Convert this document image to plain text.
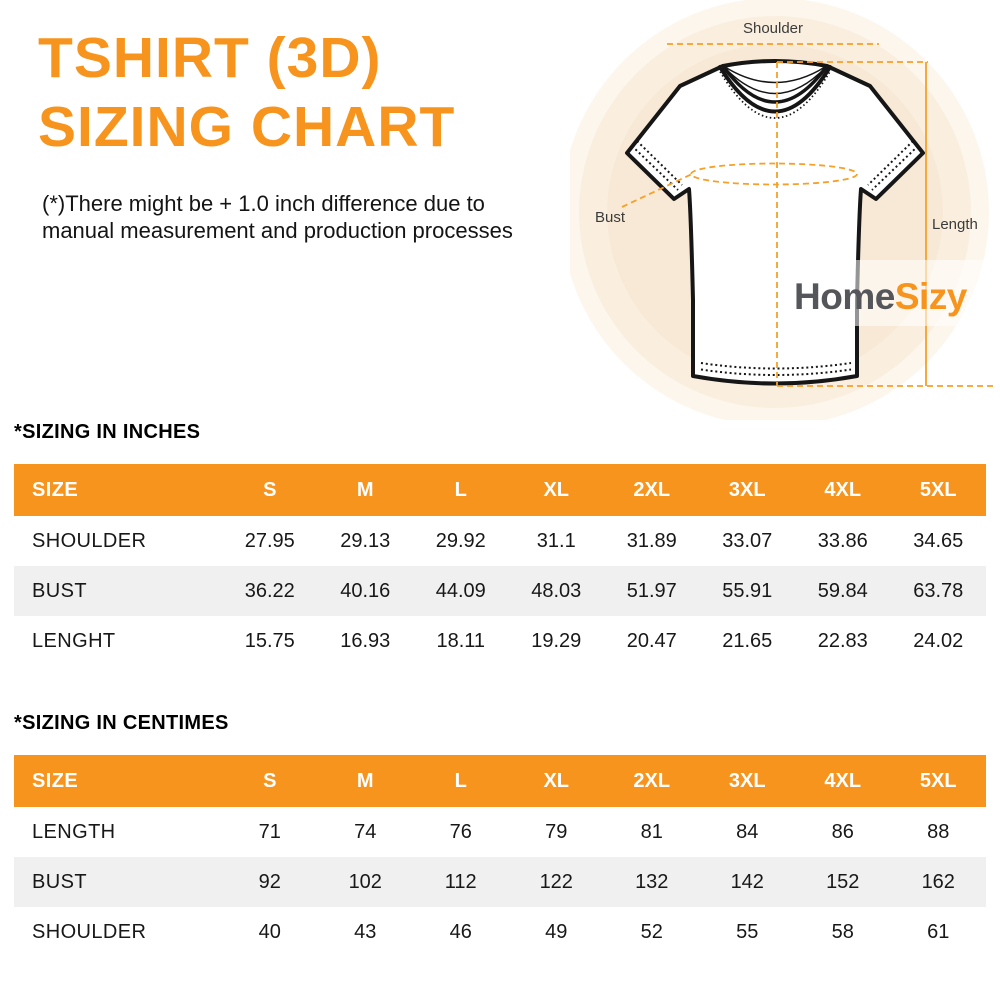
TSHIRT (3D)
SIZING CHART
(*)There might be + 1.0 inch difference due to
manual measurement and production processes
Shoulder
Bust	Length
HomeSizy
*SIZING IN INCHES
SIZE	S	M	L	XL	2XL	3XL	4XL	5XL
SHOULDER	27.95	29.13	29.92	31.1	31.89	33.07	33.86	34.65
BUST	36.22	40.16	44.09	48.03	51.97	55.91	59.84	63.78
LENGHT	15.75	16.93	18.11	19.29	20.47	21.65	22.83	24.02
*SIZING IN CENTIMES
SIZE	S	M	L	XL	2XL	3XL	4XL	5XL
LENGTH	71	74	76	79	81	84	86	88
BUST	92	102	112	122	132	142	152	162
SHOULDER	40	43	46	49	52	55	58	61
